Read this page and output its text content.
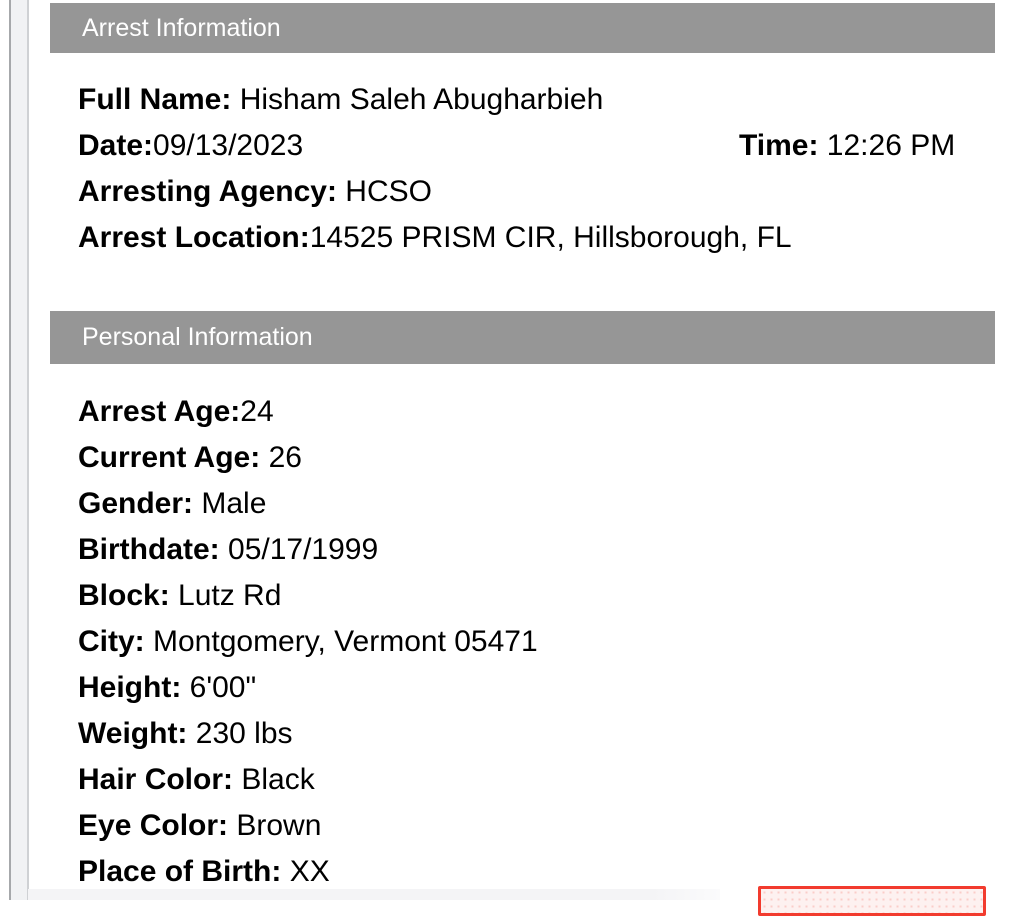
Arrest Information
Full Name: Hisham Saleh Abugharbieh
Date:09/13/2023	Time: 12:26 PM
Arresting Agency: HCSO
Arrest Location:14525 PRISM CIR, Hillsborough, FL
Personal Information
Arrest Age:24
Current Age: 26
Gender: Male
Birthdate: 05/17/1999
Block: Lutz Rd
City: Montgomery, Vermont 05471
Height: 6'00"
Weight: 230 lbs
Hair Color: Black
Eye Color: Brown
Place of Birth: XX
